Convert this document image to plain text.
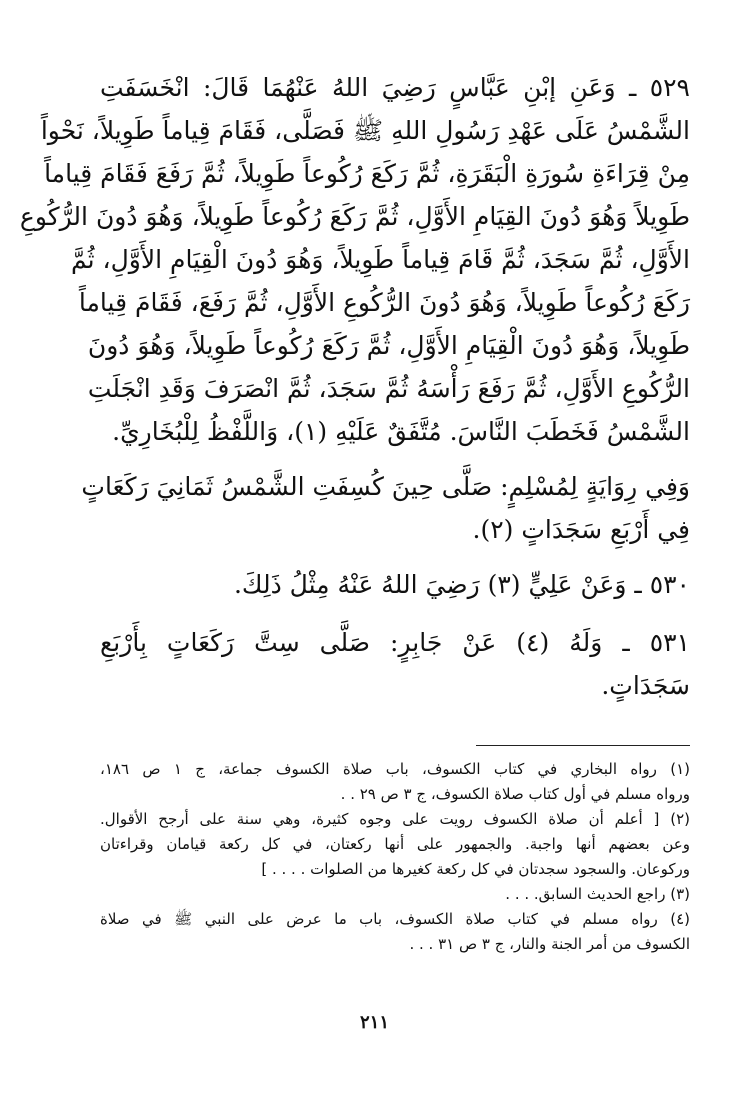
٥٢٩ ـ وَعَنِ إبْنِ عَبَّاسٍ رَضِيَ اللهُ عَنْهُمَا قَالَ: انْخَسَفَتِ
الشَّمْسُ عَلَى عَهْدِ رَسُولِ اللهِ ﷺ فَصَلَّى، فَقَامَ قِياماً طَوِيلاً، نَحْواً
مِنْ قِرَاءَةِ سُورَةِ الْبَقَرَةِ، ثُمَّ رَكَعَ رُكُوعاً طَوِيلاً، ثُمَّ رَفَعَ فَقَامَ قِياماً
طَوِيلاً وَهُوَ دُونَ القِيَامِ الأَوَّلِ، ثُمَّ رَكَعَ رُكُوعاً طَوِيلاً، وَهُوَ دُونَ الرُّكُوعِ
الأَوَّلِ، ثُمَّ سَجَدَ، ثُمَّ قَامَ قِياماً طَوِيلاً، وَهُوَ دُونَ الْقِيَامِ الأَوَّلِ، ثُمَّ
رَكَعَ رُكُوعاً طَوِيلاً، وَهُوَ دُونَ الرُّكُوعِ الأَوَّلِ، ثُمَّ رَفَعَ، فَقَامَ قِياماً
طَوِيلاً، وَهُوَ دُونَ الْقِيَامِ الأَوَّلِ، ثُمَّ رَكَعَ رُكُوعاً طَوِيلاً، وَهُوَ دُونَ
الرُّكُوعِ الأَوَّلِ، ثُمَّ رَفَعَ رَأْسَهُ ثُمَّ سَجَدَ، ثُمَّ انْصَرَفَ وَقَدِ انْجَلَتِ
الشَّمْسُ فَخَطَبَ النَّاسَ. مُتَّفَقٌ عَلَيْهِ (١)، وَاللَّفْظُ لِلْبُخَارِيِّ.
وَفِي رِوَايَةٍ لِمُسْلِمٍ: صَلَّى حِينَ كُسِفَتِ الشَّمْسُ ثَمَانِيَ رَكَعَاتٍ
فِي أَرْبَعِ سَجَدَاتٍ (٢).
٥٣٠ ـ وَعَنْ عَلِيٍّ (٣) رَضِيَ اللهُ عَنْهُ مِثْلُ ذَلِكَ.
٥٣١ ـ وَلَهُ (٤) عَنْ جَابِرٍ: صَلَّى سِتَّ رَكَعَاتٍ بِأَرْبَعِ
سَجَدَاتٍ.
(١) رواه البخاري في كتاب الكسوف، باب صلاة الكسوف جماعة، ج ١ ص ١٨٦،
ورواه مسلم في أول كتاب صلاة الكسوف، ج ٣ ص ٢٩ . .
(٢) [ أعلم أن صلاة الكسوف رويت على وجوه كثيرة، وهي سنة على أرجح الأقوال.
وعن بعضهم أنها واجبة. والجمهور على أنها ركعتان، في كل ركعة قيامان وقراءتان
وركوعان. والسجود سجدتان في كل ركعة كغيرها من الصلوات . . . . ]
(٣) راجع الحديث السابق. . . .
(٤) رواه مسلم في كتاب صلاة الكسوف، باب ما عرض على النبي ﷺ في صلاة
الكسوف من أمر الجنة والنار، ج ٣ ص ٣١ . . .
٢١١
